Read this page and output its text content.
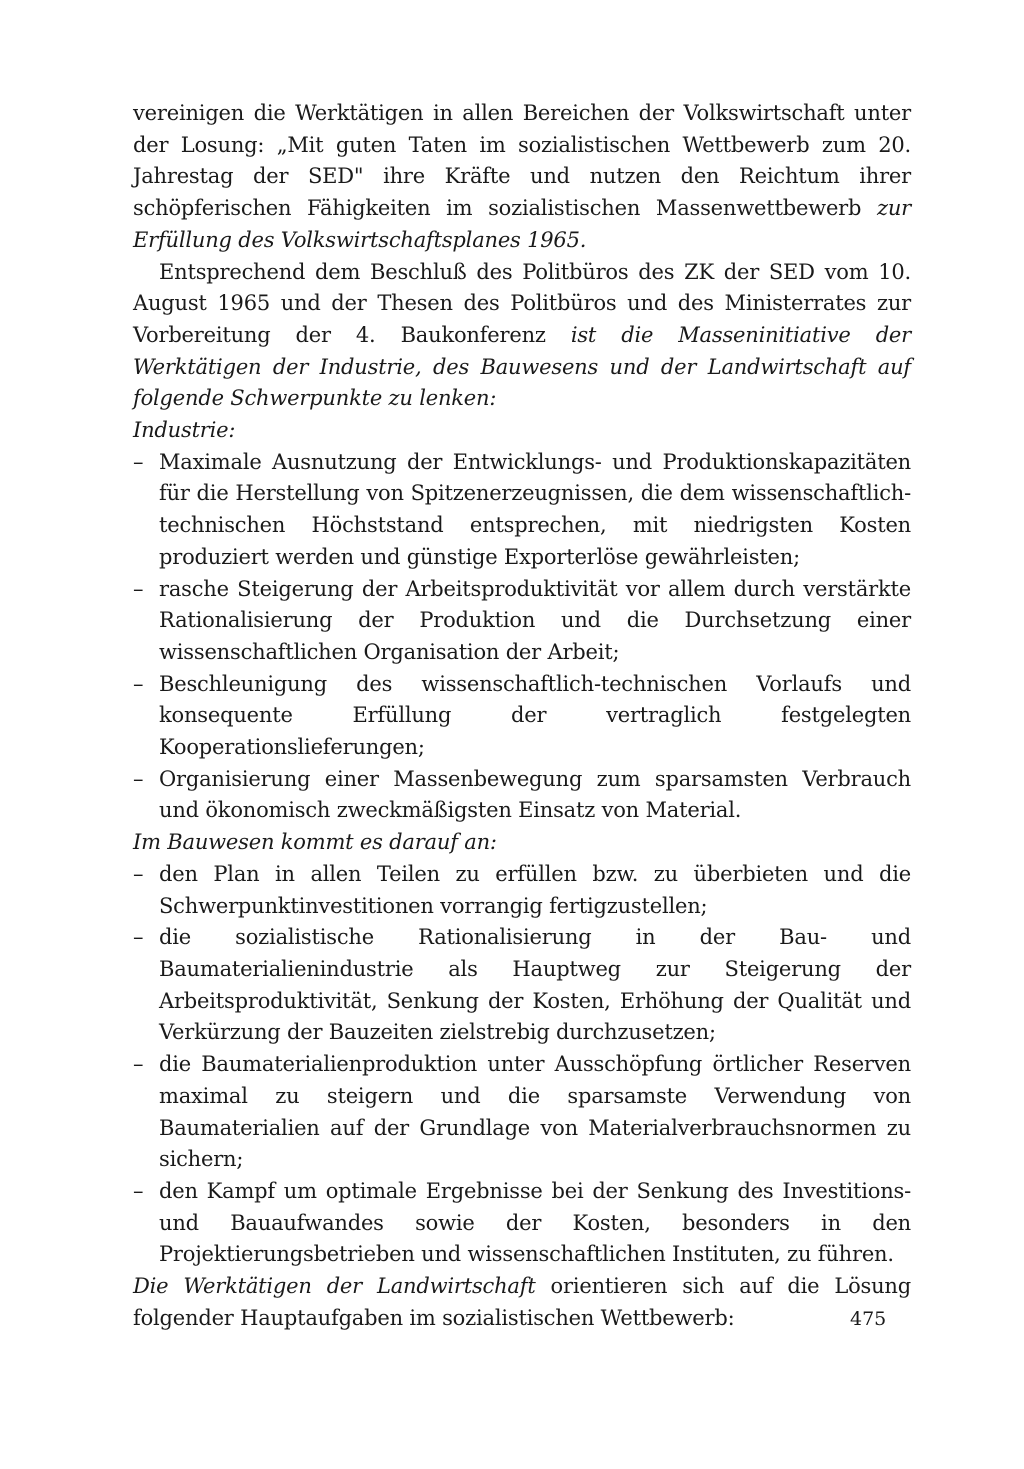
vereinigen die Werktätigen in allen Bereichen der Volkswirtschaft unter der Losung: „Mit guten Taten im sozialistischen Wettbewerb zum 20. Jahrestag der SED" ihre Kräfte und nutzen den Reichtum ihrer schöpferischen Fähigkeiten im sozialistischen Massenwettbewerb zur Erfüllung des Volkswirtschaftsplanes 1965.

Entsprechend dem Beschluß des Politbüros des ZK der SED vom 10. August 1965 und der Thesen des Politbüros und des Ministerrates zur Vorbereitung der 4. Baukonferenz ist die Masseninitiative der Werktätigen der Industrie, des Bauwesens und der Landwirtschaft auf folgende Schwerpunkte zu lenken:

Industrie:

– Maximale Ausnutzung der Entwicklungs- und Produktionskapazitäten für die Herstellung von Spitzenerzeugnissen, die dem wissenschaftlich-technischen Höchststand entsprechen, mit niedrigsten Kosten produziert werden und günstige Exporterlöse gewährleisten;
– rasche Steigerung der Arbeitsproduktivität vor allem durch verstärkte Rationalisierung der Produktion und die Durchsetzung einer wissenschaftlichen Organisation der Arbeit;
– Beschleunigung des wissenschaftlich-technischen Vorlaufs und konsequente Erfüllung der vertraglich festgelegten Kooperationslieferungen;
– Organisierung einer Massenbewegung zum sparsamsten Verbrauch und ökonomisch zweckmäßigsten Einsatz von Material.

Im Bauwesen kommt es darauf an:

– den Plan in allen Teilen zu erfüllen bzw. zu überbieten und die Schwerpunktinvestitionen vorrangig fertigzustellen;
– die sozialistische Rationalisierung in der Bau- und Baumaterialienindustrie als Hauptweg zur Steigerung der Arbeitsproduktivität, Senkung der Kosten, Erhöhung der Qualität und Verkürzung der Bauzeiten zielstrebig durchzusetzen;
– die Baumaterialienproduktion unter Ausschöpfung örtlicher Reserven maximal zu steigern und die sparsamste Verwendung von Baumaterialien auf der Grundlage von Materialverbrauchsnormen zu sichern;
– den Kampf um optimale Ergebnisse bei der Senkung des Investitions- und Bauaufwandes sowie der Kosten, besonders in den Projektierungsbetrieben und wissenschaftlichen Instituten, zu führen.

Die Werktätigen der Landwirtschaft orientieren sich auf die Lösung folgender Hauptaufgaben im sozialistischen Wettbewerb:	475
